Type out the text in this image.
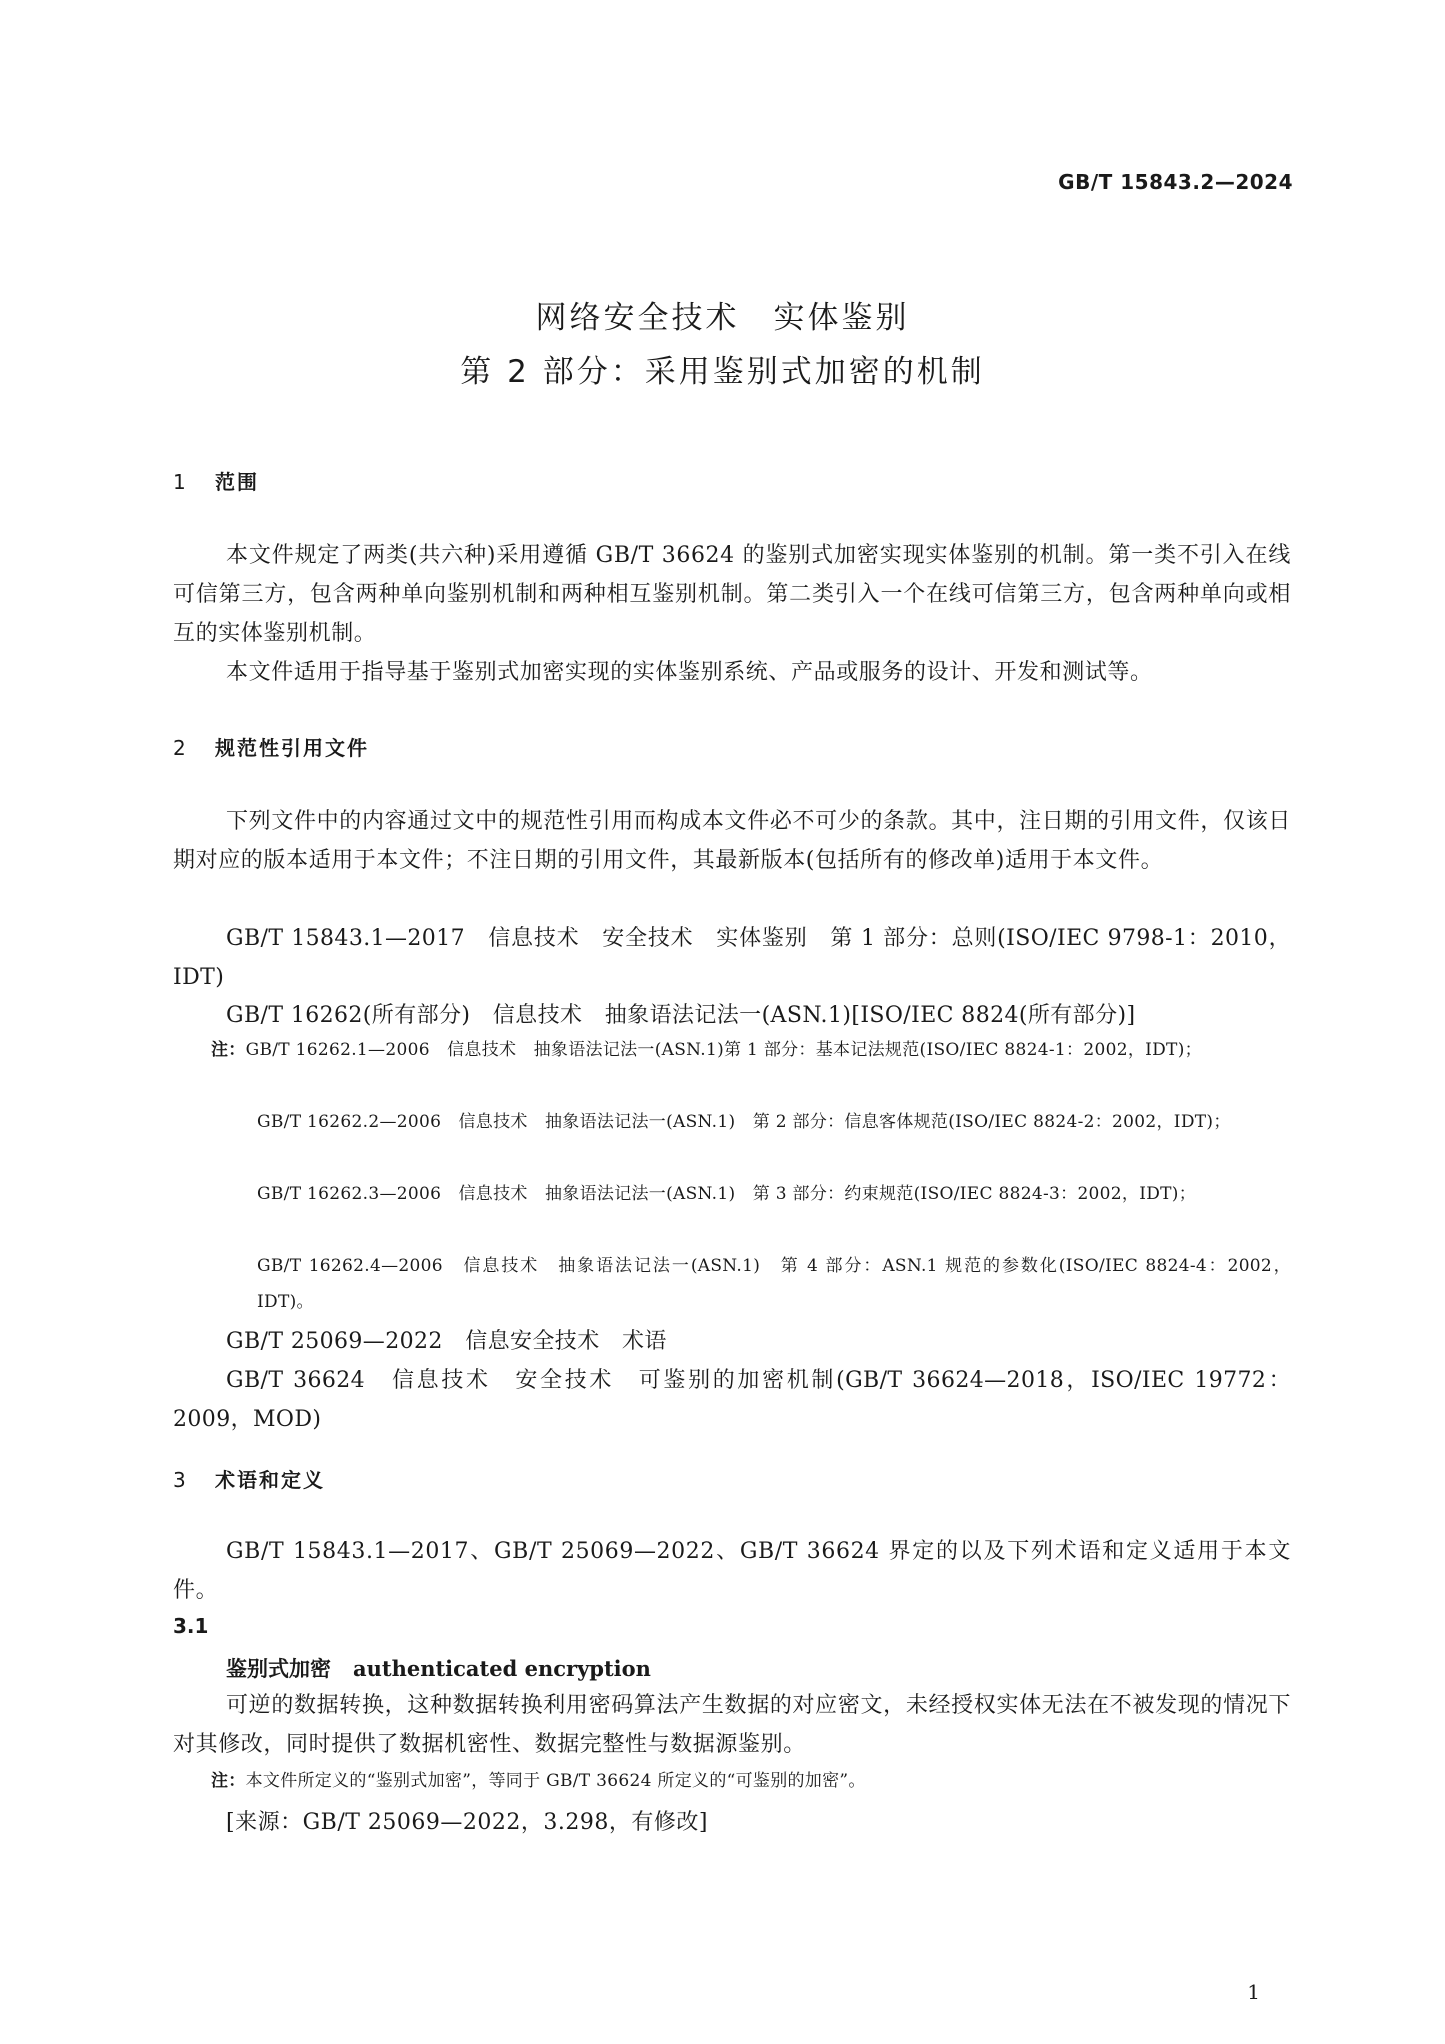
GB/T 15843.2—2024
网络安全技术　实体鉴别
第 2 部分：采用鉴别式加密的机制
1 范围
本文件规定了两类(共六种)采用遵循 GB/T 36624 的鉴别式加密实现实体鉴别的机制。第一类不引入在线可信第三方，包含两种单向鉴别机制和两种相互鉴别机制。第二类引入一个在线可信第三方，包含两种单向或相互的实体鉴别机制。
本文件适用于指导基于鉴别式加密实现的实体鉴别系统、产品或服务的设计、开发和测试等。
2 规范性引用文件
下列文件中的内容通过文中的规范性引用而构成本文件必不可少的条款。其中，注日期的引用文件，仅该日期对应的版本适用于本文件；不注日期的引用文件，其最新版本(包括所有的修改单)适用于本文件。
GB/T 15843.1—2017　信息技术　安全技术　实体鉴别　第 1 部分：总则(ISO/IEC 9798-1：2010，IDT)
GB/T 16262(所有部分)　信息技术　抽象语法记法一(ASN.1)[ISO/IEC 8824(所有部分)]
注：GB/T 16262.1—2006　信息技术　抽象语法记法一(ASN.1)第 1 部分：基本记法规范(ISO/IEC 8824-1：2002，IDT)；
GB/T 16262.2—2006　信息技术　抽象语法记法一(ASN.1)　第 2 部分：信息客体规范(ISO/IEC 8824-2：2002，IDT)；
GB/T 16262.3—2006　信息技术　抽象语法记法一(ASN.1)　第 3 部分：约束规范(ISO/IEC 8824-3：2002，IDT)；
GB/T 16262.4—2006　信息技术　抽象语法记法一(ASN.1)　第 4 部分：ASN.1 规范的参数化(ISO/IEC 8824-4：2002，IDT)。
GB/T 25069—2022　信息安全技术　术语
GB/T 36624　信息技术　安全技术　可鉴别的加密机制(GB/T 36624—2018，ISO/IEC 19772：2009，MOD)
3 术语和定义
GB/T 15843.1—2017、GB/T 25069—2022、GB/T 36624 界定的以及下列术语和定义适用于本文件。
3.1
鉴别式加密 authenticated encryption
可逆的数据转换，这种数据转换利用密码算法产生数据的对应密文，未经授权实体无法在不被发现的情况下对其修改，同时提供了数据机密性、数据完整性与数据源鉴别。
注：本文件所定义的“鉴别式加密”，等同于 GB/T 36624 所定义的“可鉴别的加密”。
[来源：GB/T 25069—2022，3.298，有修改]
1
